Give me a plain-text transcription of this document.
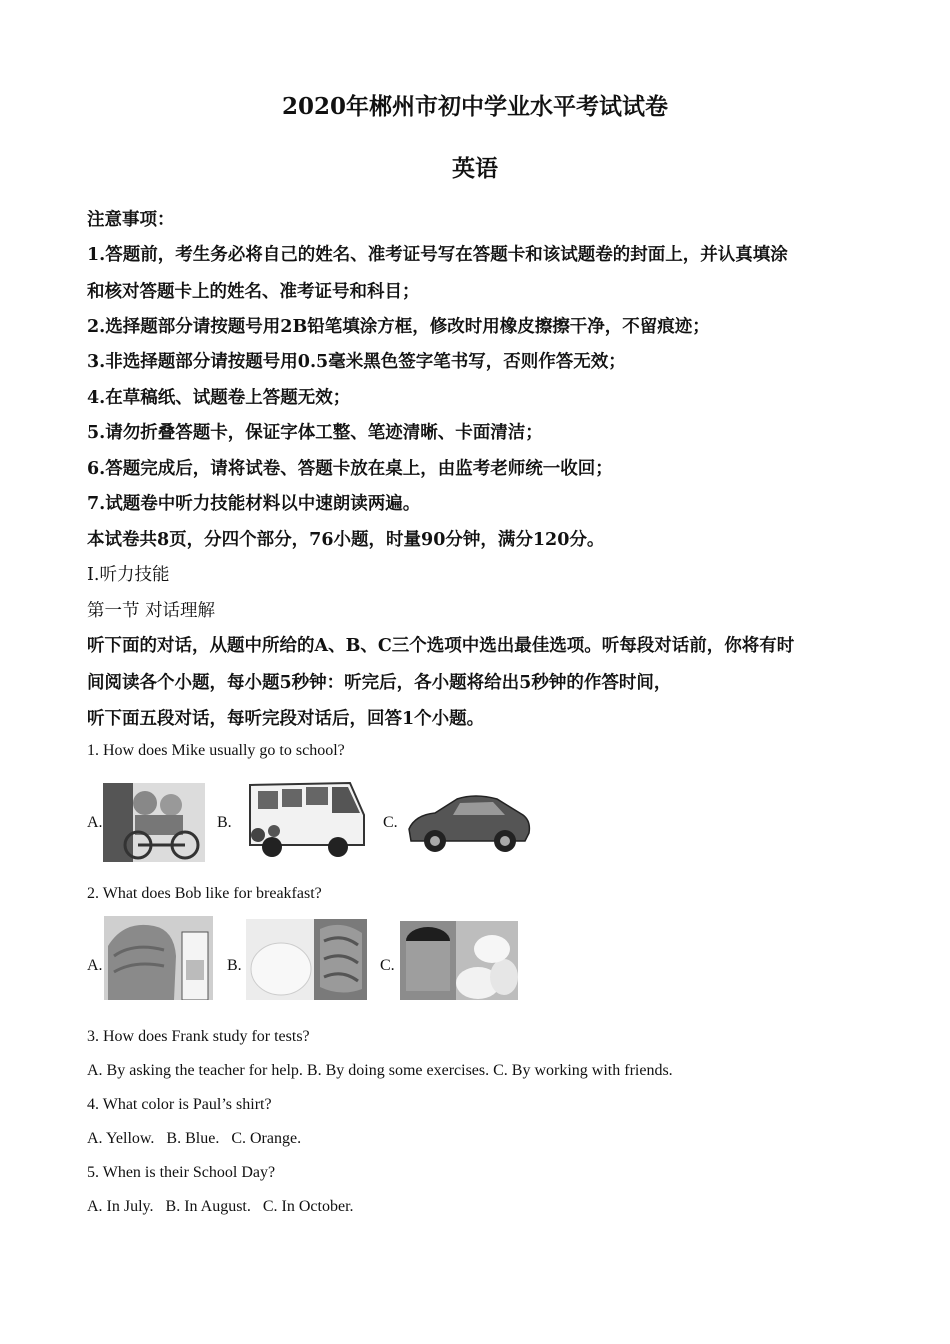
2020年郴州市初中学业水平考试试卷
英语
注意事项：
1.答题前，考生务必将自己的姓名、准考证号写在答题卡和该试题卷的封面上，并认真填涂
和核对答题卡上的姓名、准考证号和科目；
2.选择题部分请按题号用2B铅笔填涂方框，修改时用橡皮擦擦干净，不留痕迹；
3.非选择题部分请按题号用0.5毫米黑色签字笔书写，否则作答无效；
4.在草稿纸、试题卷上答题无效；
5.请勿折叠答题卡，保证字体工整、笔迹清晰、卡面清洁；
6.答题完成后，请将试卷、答题卡放在桌上，由监考老师统一收回；
7.试题卷中听力技能材料以中速朗读两遍。
本试卷共8页，分四个部分，76小题，时量90分钟，满分120分。
Ⅰ.听力技能
第一节 对话理解
听下面的对话，从题中所给的A、B、C三个选项中选出最佳选项。听每段对话前，你将有时
间阅读各个小题，每小题5秒钟：听完后，各小题将给出5秒钟的作答时间，
听下面五段对话，每听完段对话后，回答1个小题。
1. How does Mike usually go to school?
A.	B.	C.
2. What does Bob like for breakfast?
A.	B.	C.
3. How does Frank study for tests?
A. By asking the teacher for help. B. By doing some exercises. C. By working with friends.
4. What color is Paul’s shirt?
A. Yellow.   B. Blue.   C. Orange.
5. When is their School Day?
A. In July.   B. In August.   C. In October.
